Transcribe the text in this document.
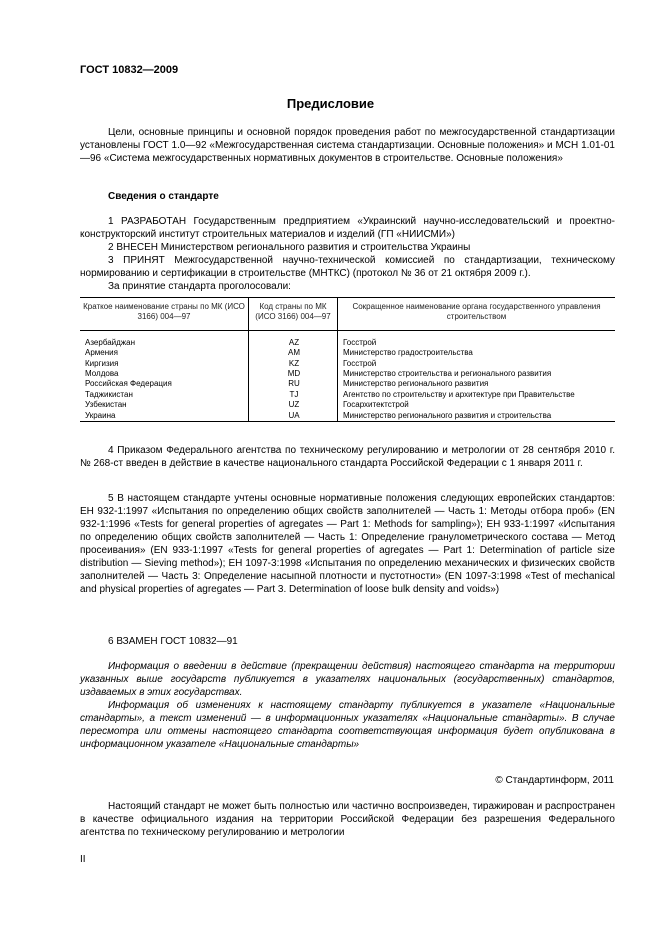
ГОСТ 10832—2009
Предисловие

Цели, основные принципы и основной порядок проведения работ по межгосударственной стандартизации установлены ГОСТ 1.0—92 «Межгосударственная система стандартизации. Основные положения» и МСН 1.01-01—96 «Система межгосударственных нормативных документов в строительстве. Основные положения»

Сведения о стандарте

1 РАЗРАБОТАН Государственным предприятием «Украинский научно-исследовательский и проектно-конструкторский институт строительных материалов и изделий (ГП «НИИСМИ»)

2 ВНЕСЕН Министерством регионального развития и строительства Украины

3 ПРИНЯТ Межгосударственной научно-технической комиссией по стандартизации, техническому нормированию и сертификации в строительстве (МНТКС) (протокол № 36 от 21 октября 2009 г.).

За принятие стандарта проголосовали:

Краткое наименование страны по МК (ИСО 3166) 004—97	Код страны по МК (ИСО 3166) 004—97	Сокращенное наименование органа государственного управления строительством
Азербайджан	AZ	Госстрой
Армения	AM	Министерство градостроительства
Киргизия	KZ	Госстрой
Молдова	MD	Министерство строительства и регионального развития
Российская Федерация	RU	Министерство регионального развития
Таджикистан	TJ	Агентство по строительству и архитектуре при Правительстве
Узбекистан	UZ	Госархитектстрой
Украина	UA	Министерство регионального развития и строительства

4 Приказом Федерального агентства по техническому регулированию и метрологии от 28 сентября 2010 г. № 268-ст введен в действие в качестве национального стандарта Российской Федерации с 1 января 2011 г.

5 В настоящем стандарте учтены основные нормативные положения следующих европейских стандартов: ЕН 932-1:1997 «Испытания по определению общих свойств заполнителей — Часть 1: Методы отбора проб» (EN 932-1:1996 «Tests for general properties of agregates — Part 1: Methods for sampling»); ЕН 933-1:1997 «Испытания по определению общих свойств заполнителей — Часть 1: Определение гранулометрического состава — Метод просеивания» (EN 933-1:1997 «Tests for general properties of agregates — Part 1: Determination of particle size distribution — Sieving method»); ЕН 1097-3:1998 «Испытания по определению механических и физических свойств заполнителей — Часть 3: Определение насыпной плотности и пустотности» (EN 1097-3:1998 «Test of mechanical and physical properties of agregates — Part 3. Determination of loose bulk density and voids»)

6 ВЗАМЕН ГОСТ 10832—91

Информация о введении в действие (прекращении действия) настоящего стандарта на территории указанных выше государств публикуется в указателях национальных (государственных) стандартов, издаваемых в этих государствах.

Информация об изменениях к настоящему стандарту публикуется в указателе «Национальные стандарты», а текст изменений — в информационных указателях «Национальные стандарты». В случае пересмотра или отмены настоящего стандарта соответствующая информация будет опубликована в информационном указателе «Национальные стандарты»

© Стандартинформ, 2011

Настоящий стандарт не может быть полностью или частично воспроизведен, тиражирован и распространен в качестве официального издания на территории Российской Федерации без разрешения Федерального агентства по техническому регулированию и метрологии

II
